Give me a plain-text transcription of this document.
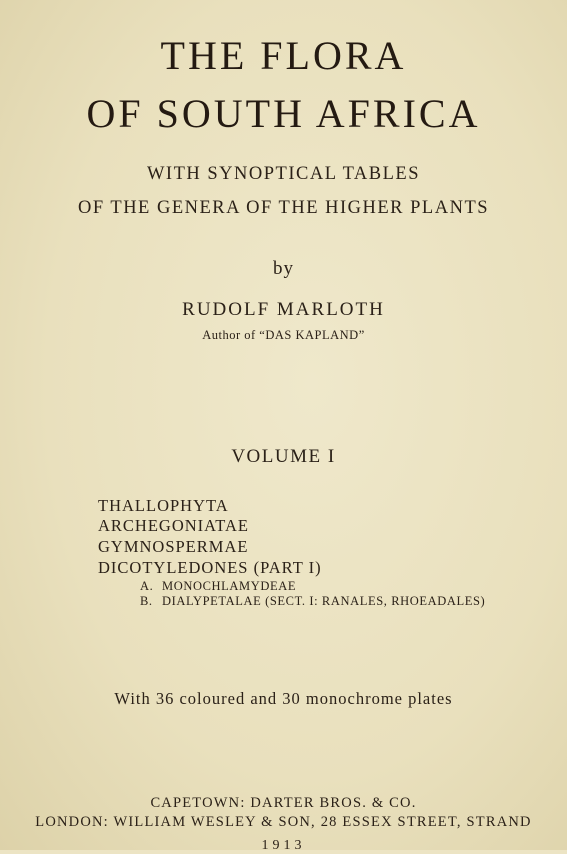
THE FLORA
OF SOUTH AFRICA
WITH SYNOPTICAL TABLES
OF THE GENERA OF THE HIGHER PLANTS
by
RUDOLF MARLOTH
Author of “DAS KAPLAND”
VOLUME I
THALLOPHYTA
ARCHEGONIATAE
GYMNOSPERMAE
DICOTYLEDONES (PART I)
A. MONOCHLAMYDEAE
B. DIALYPETALAE (SECT. I: RANALES, RHOEADALES)
With 36 coloured and 30 monochrome plates
CAPETOWN: DARTER BROS. & CO.
LONDON: WILLIAM WESLEY & SON, 28 ESSEX STREET, STRAND
1913
